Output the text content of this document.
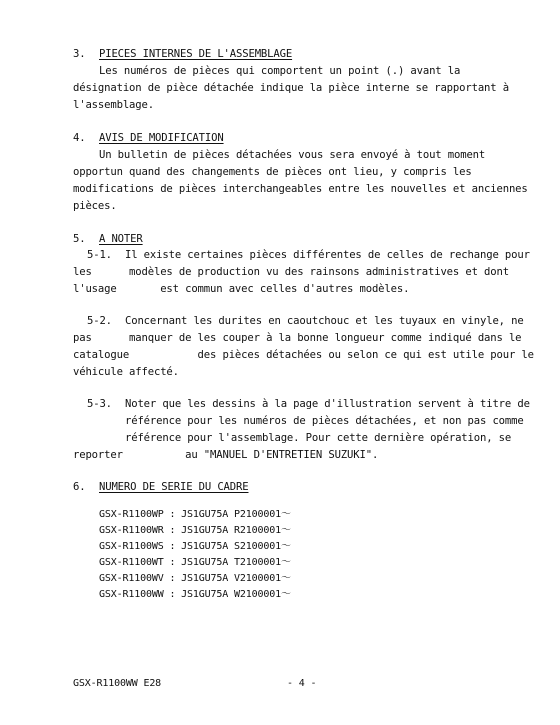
3. PIECES INTERNES DE L'ASSEMBLAGE
Les numéros de pièces qui comportent un point (.) avant la
désignation de pièce détachée indique la pièce interne se rapportant à
l'assemblage.
4. AVIS DE MODIFICATION
Un bulletin de pièces détachées vous sera envoyé à tout moment
opportun quand des changements de pièces ont lieu, y compris les
modifications de pièces interchangeables entre les nouvelles et anciennes
pièces.
5. A NOTER
5-1. Il existe certaines pièces différentes de celles de rechange pour
les      modèles de production vu des rainsons administratives et dont
l'usage       est commun avec celles d'autres modèles.
5-2. Concernant les durites en caoutchouc et les tuyaux en vinyle, ne
pas      manquer de les couper à la bonne longueur comme indiqué dans le
catalogue           des pièces détachées ou selon ce qui est utile pour le
véhicule affecté.
5-3. Noter que les dessins à la page d'illustration servent à titre de
référence pour les numéros de pièces détachées, et non pas comme
référence pour l'assemblage. Pour cette dernière opération, se
reporter          au "MANUEL D'ENTRETIEN SUZUKI".
6. NUMERO DE SERIE DU CADRE
GSX-R1100WP : JS1GU75A P2100001～
GSX-R1100WR : JS1GU75A R2100001～
GSX-R1100WS : JS1GU75A S2100001～
GSX-R1100WT : JS1GU75A T2100001～
GSX-R1100WV : JS1GU75A V2100001～
GSX-R1100WW : JS1GU75A W2100001～
GSX-R1100WW E28	- 4 -
